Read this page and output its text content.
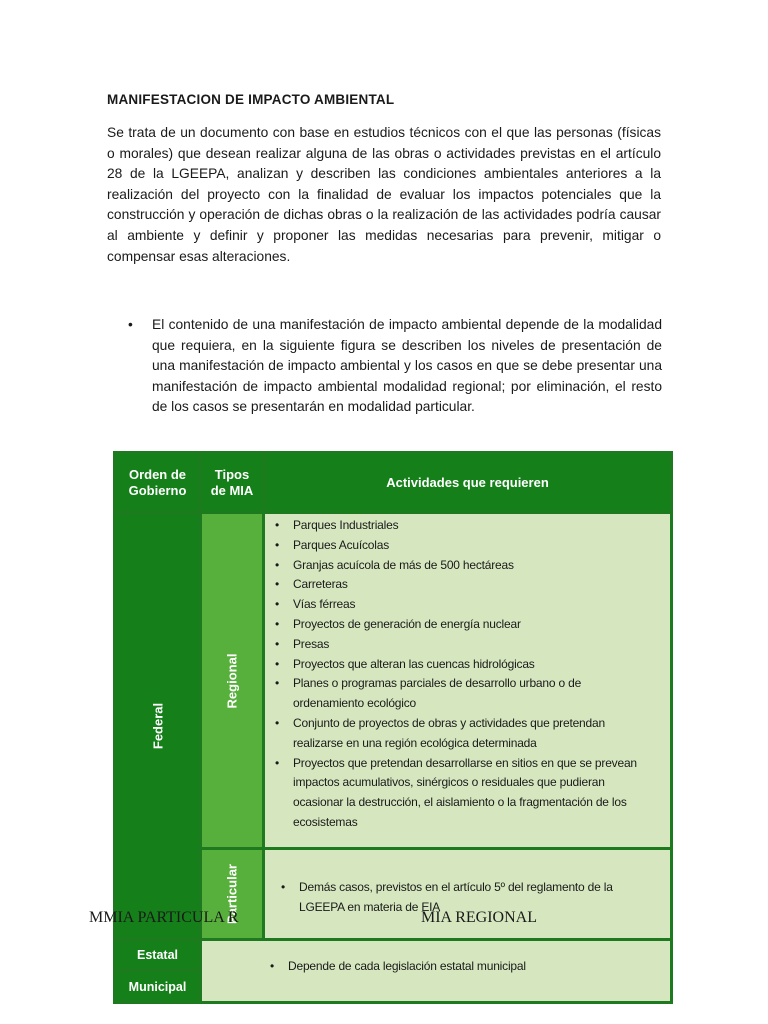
MANIFESTACION DE IMPACTO AMBIENTAL
Se trata de un documento con base en estudios técnicos con el que las personas (físicas o morales) que desean realizar alguna de las obras o actividades previstas en el artículo 28 de la LGEEPA, analizan y describen las condiciones ambientales anteriores a la realización del proyecto con la finalidad de evaluar los impactos potenciales que la construcción y operación de dichas obras o la realización de las actividades podría causar al ambiente y definir y proponer las medidas necesarias para prevenir, mitigar o compensar esas alteraciones.
• El contenido de una manifestación de impacto ambiental depende de la modalidad que requiera, en la siguiente figura se describen los niveles de presentación de una manifestación de impacto ambiental y los casos en que se debe presentar una manifestación de impacto ambiental modalidad regional; por eliminación, el resto de los casos se presentarán en modalidad particular.
Orden de Gobierno
Tipos de MIA
Actividades que requieren
Federal
Regional
• Parques Industriales
• Parques Acuícolas
• Granjas acuícola de más de 500 hectáreas
• Carreteras
• Vías férreas
• Proyectos de generación de energía nuclear
• Presas
• Proyectos que alteran las cuencas hidrológicas
• Planes o programas parciales de desarrollo urbano o de ordenamiento ecológico
• Conjunto de proyectos de obras y actividades que pretendan realizarse en una región ecológica determinada
• Proyectos que pretendan desarrollarse en sitios en que se prevean impactos acumulativos, sinérgicos o residuales que pudieran ocasionar la destrucción, el aislamiento o la fragmentación de los ecosistemas
Particular
•	Demás casos, previstos en el artículo 5º del reglamento de la LGEEPA en materia de EIA
Estatal
Municipal
• Depende de cada legislación estatal municipal
MMIA PARTICULA R	MIA REGIONAL
